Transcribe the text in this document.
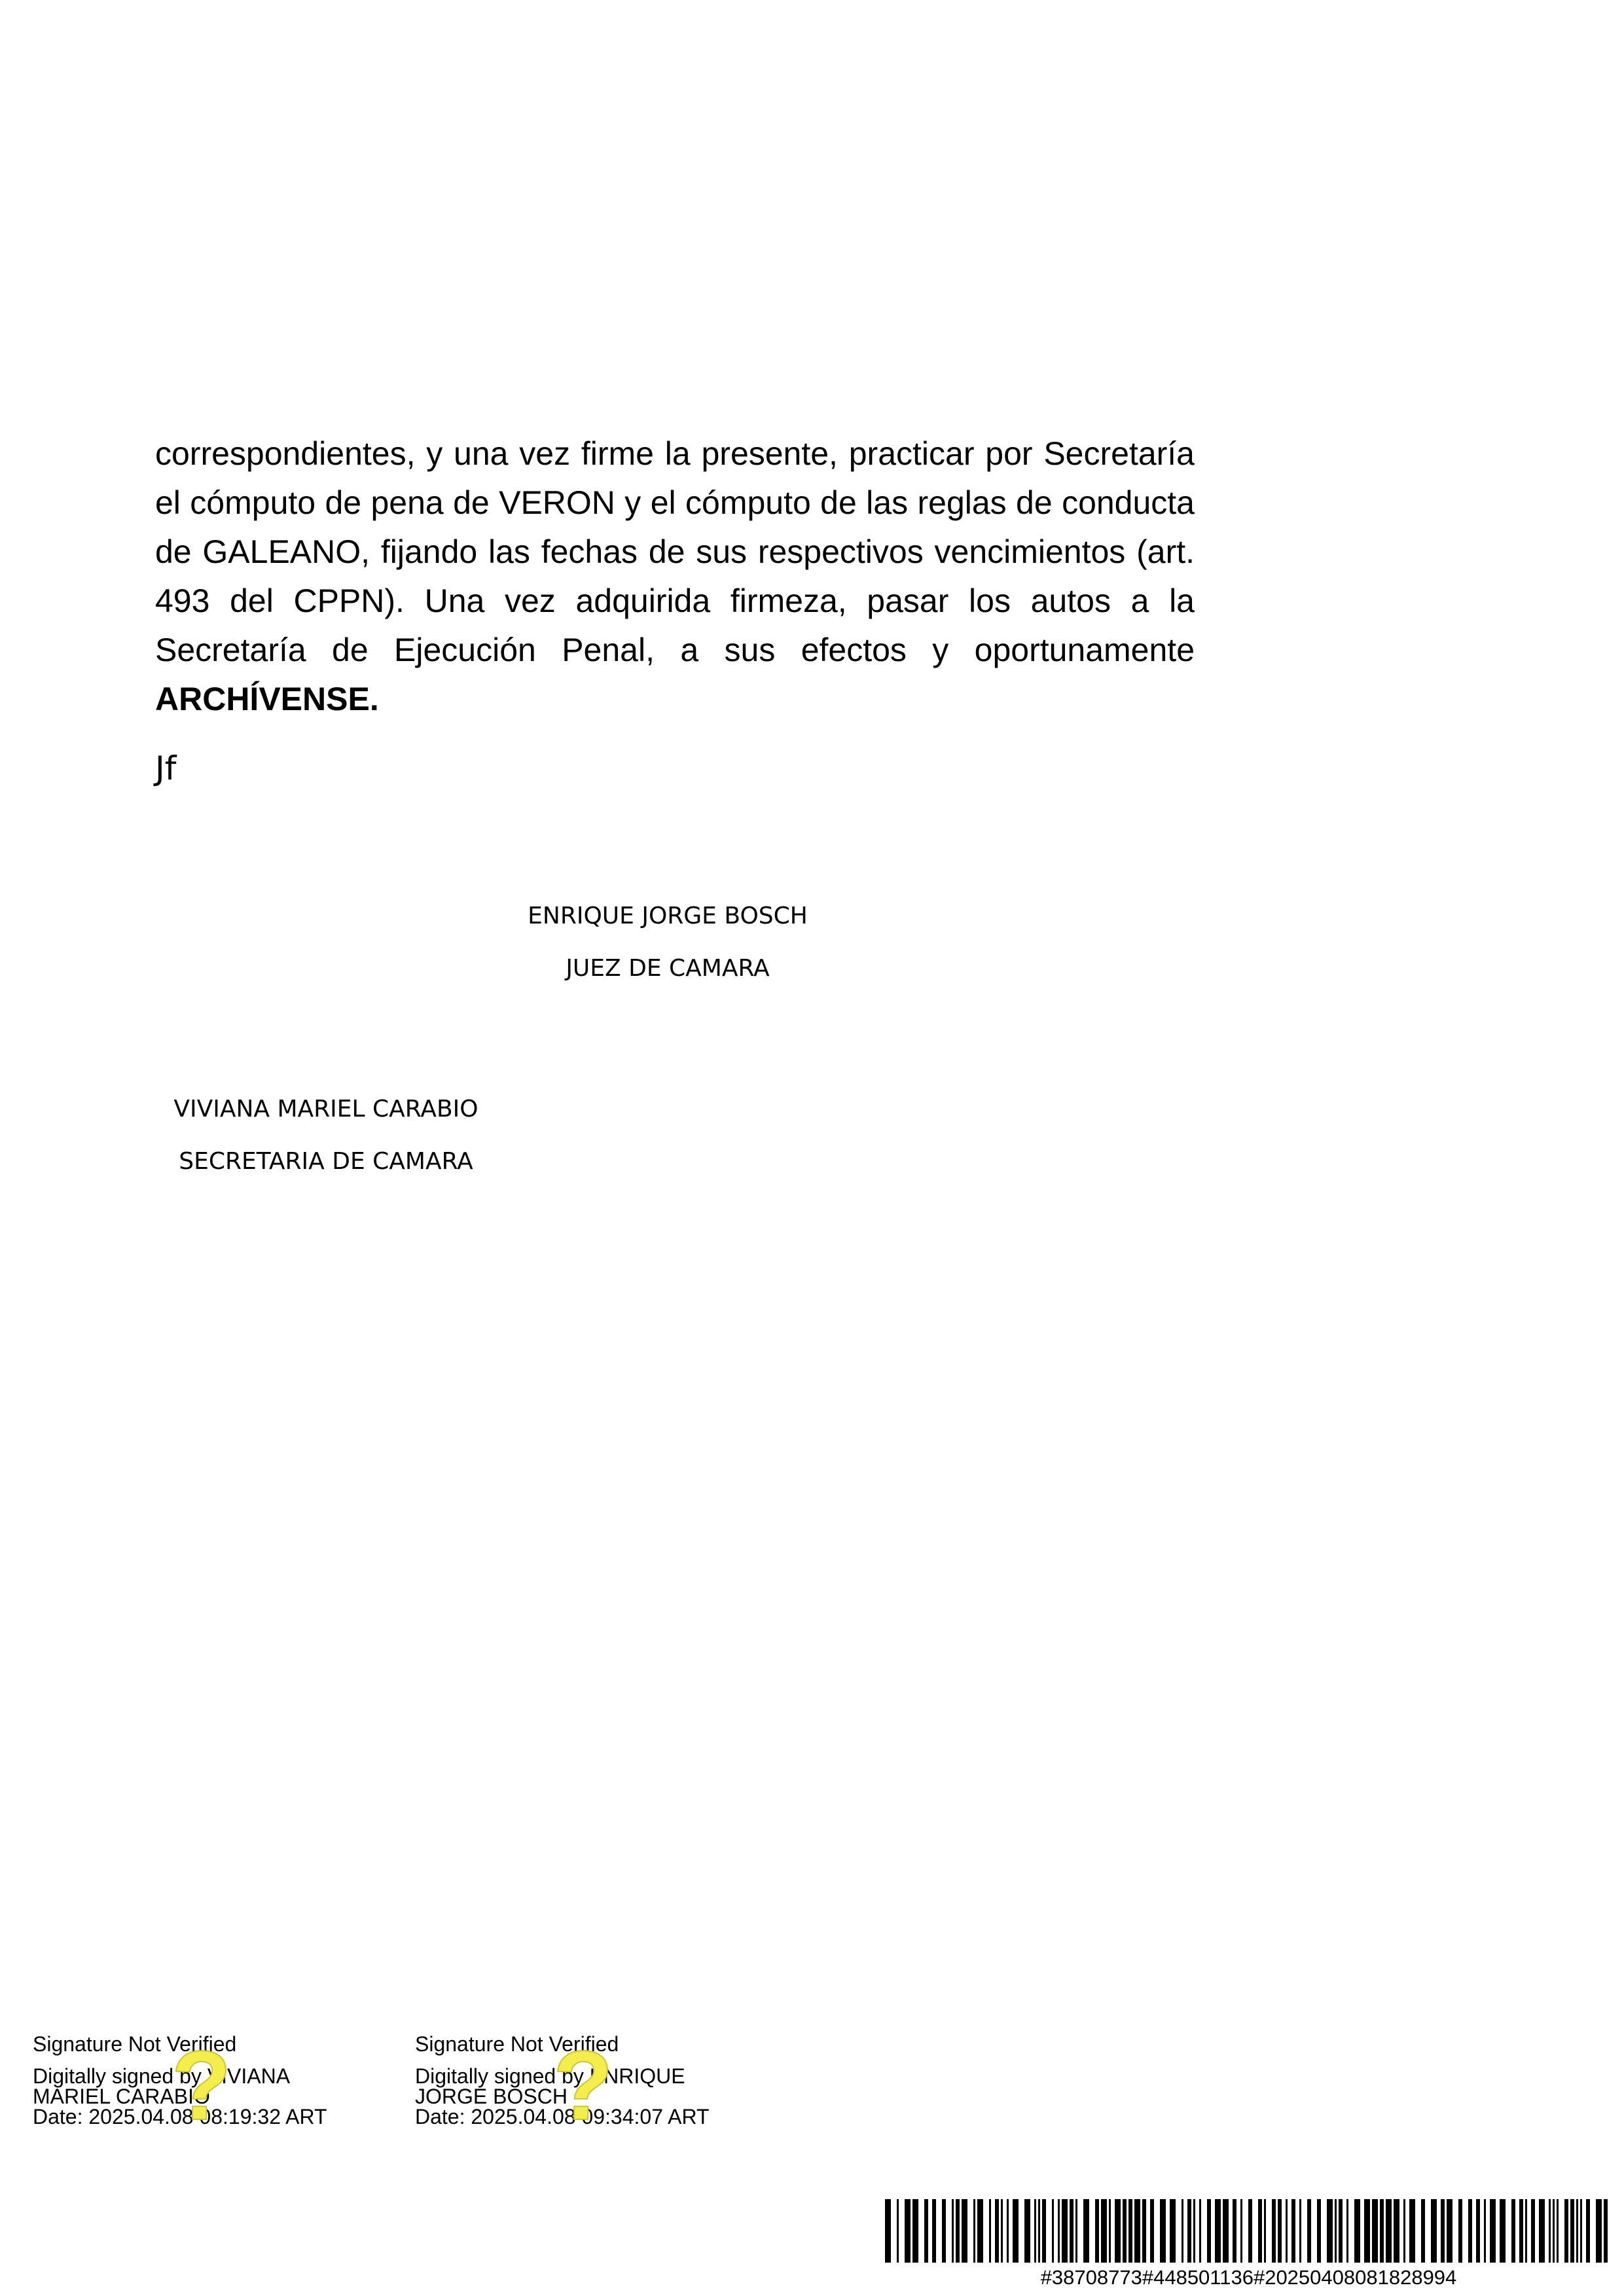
correspondientes, y una vez firme la presente, practicar por Secretaría el cómputo de pena de VERON y el cómputo de las reglas de conducta de GALEANO, fijando las fechas de sus respectivos vencimientos (art. 493 del CPPN). Una vez adquirida firmeza, pasar los autos a la Secretaría de Ejecución Penal, a sus efectos y oportunamente ARCHÍVENSE.

Jf
ENRIQUE JORGE BOSCH
JUEZ DE CAMARA
VIVIANA MARIEL CARABIO
SECRETARIA DE CAMARA
Signature Not Verified
Digitally signed by VIVIANA
MARIEL CARABIO
Date: 2025.04.08 08:19:32 ART
?	Signature Not Verified
Digitally signed by ENRIQUE
JORGE BOSCH
Date: 2025.04.08 09:34:07 ART
?
#38708773#448501136#20250408081828994
